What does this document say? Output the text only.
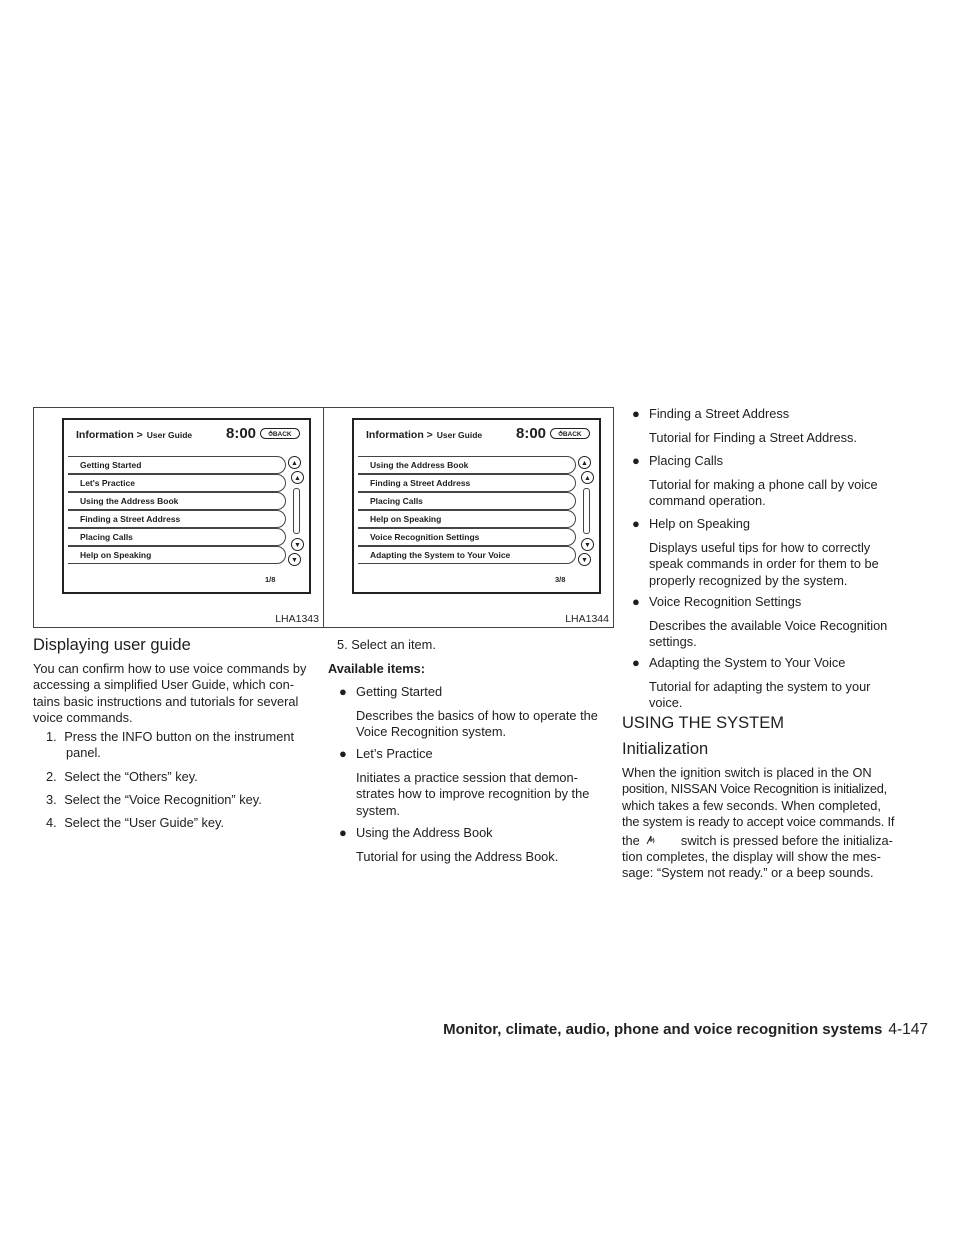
Information > User Guide 8:00	⥀BACK
Getting Started
Let's Practice
Using the Address Book
Finding a Street Address
Placing Calls
Help on Speaking
▲
▲
▼
▼
1/8
LHA1343
Information > User Guide 8:00	⥀BACK
Using the Address Book
Finding a Street Address
Placing Calls
Help on Speaking
Voice Recognition Settings
Adapting the System to Your Voice
▲
▲
▼
▼
3/8
LHA1344
Displaying user guide
You can confirm how to use voice commands by
accessing a simplified User Guide, which con-
tains basic instructions and tutorials for several
voice commands.
1. Press the INFO button on the instrument
panel.
2. Select the “Others” key.
3. Select the “Voice Recognition” key.
4. Select the “User Guide” key.
5. Select an item.
Available items:
● Getting Started
Describes the basics of how to operate the
Voice Recognition system.
● Let’s Practice
Initiates a practice session that demon-
strates how to improve recognition by the
system.
● Using the Address Book
Tutorial for using the Address Book.
● Finding a Street Address
Tutorial for Finding a Street Address.
● Placing Calls
Tutorial for making a phone call by voice
command operation.
● Help on Speaking
Displays useful tips for how to correctly
speak commands in order for them to be
properly recognized by the system.
● Voice Recognition Settings
Describes the available Voice Recognition
settings.
● Adapting the System to Your Voice
Tutorial for adapting the system to your
voice.
USING THE SYSTEM
Initialization
When the ignition switch is placed in the ON
position, NISSAN Voice Recognition is initialized,
which takes a few seconds. When completed,
the system is ready to accept voice commands. If
the	switch is pressed before the initializa-
tion completes, the display will show the mes-
sage: “System not ready.” or a beep sounds.
Monitor, climate, audio, phone and voice recognition systems 4-147
